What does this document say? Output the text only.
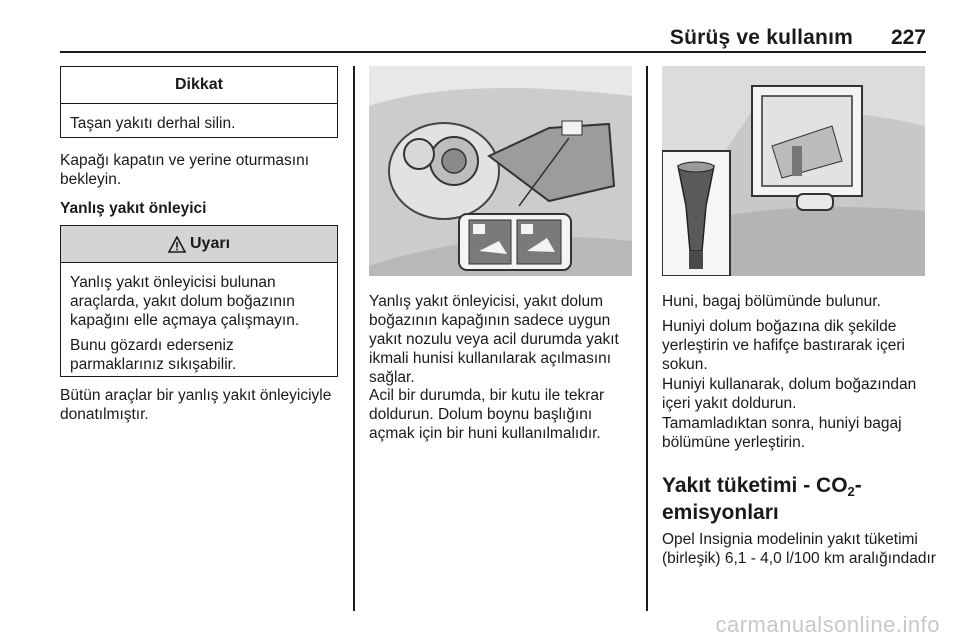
Sürüş ve kullanım 227
Dikkat
Taşan yakıtı derhal silin.

Kapağı kapatın ve yerine oturmasını bekleyin.

Yanlış yakıt önleyici

Uyarı

Yanlış yakıt önleyicisi bulunan araçlarda, yakıt dolum boğazının kapağını elle açmaya çalışmayın.

Bunu gözardı ederseniz parmaklarınız sıkışabilir.

Bütün araçlar bir yanlış yakıt önleyiciyle donatılmıştır.

Yanlış yakıt önleyicisi, yakıt dolum boğazının kapağının sadece uygun yakıt nozulu veya acil durumda yakıt ikmali hunisi kullanılarak açılmasını sağlar.

Acil bir durumda, bir kutu ile tekrar doldurun. Dolum boynu başlığını açmak için bir huni kullanılmalıdır.

Huni, bagaj bölümünde bulunur.

Huniyi dolum boğazına dik şekilde yerleştirin ve hafifçe bastırarak içeri sokun.

Huniyi kullanarak, dolum boğazından içeri yakıt doldurun.

Tamamladıktan sonra, huniyi bagaj bölümüne yerleştirin.

Yakıt tüketimi - $CO_2-$
emisyonları

Opel Insignia modelinin yakıt tüketimi (birleşik) 6,1 - 4,0 l/100 km aralığındadır

carmanualsonline.info
